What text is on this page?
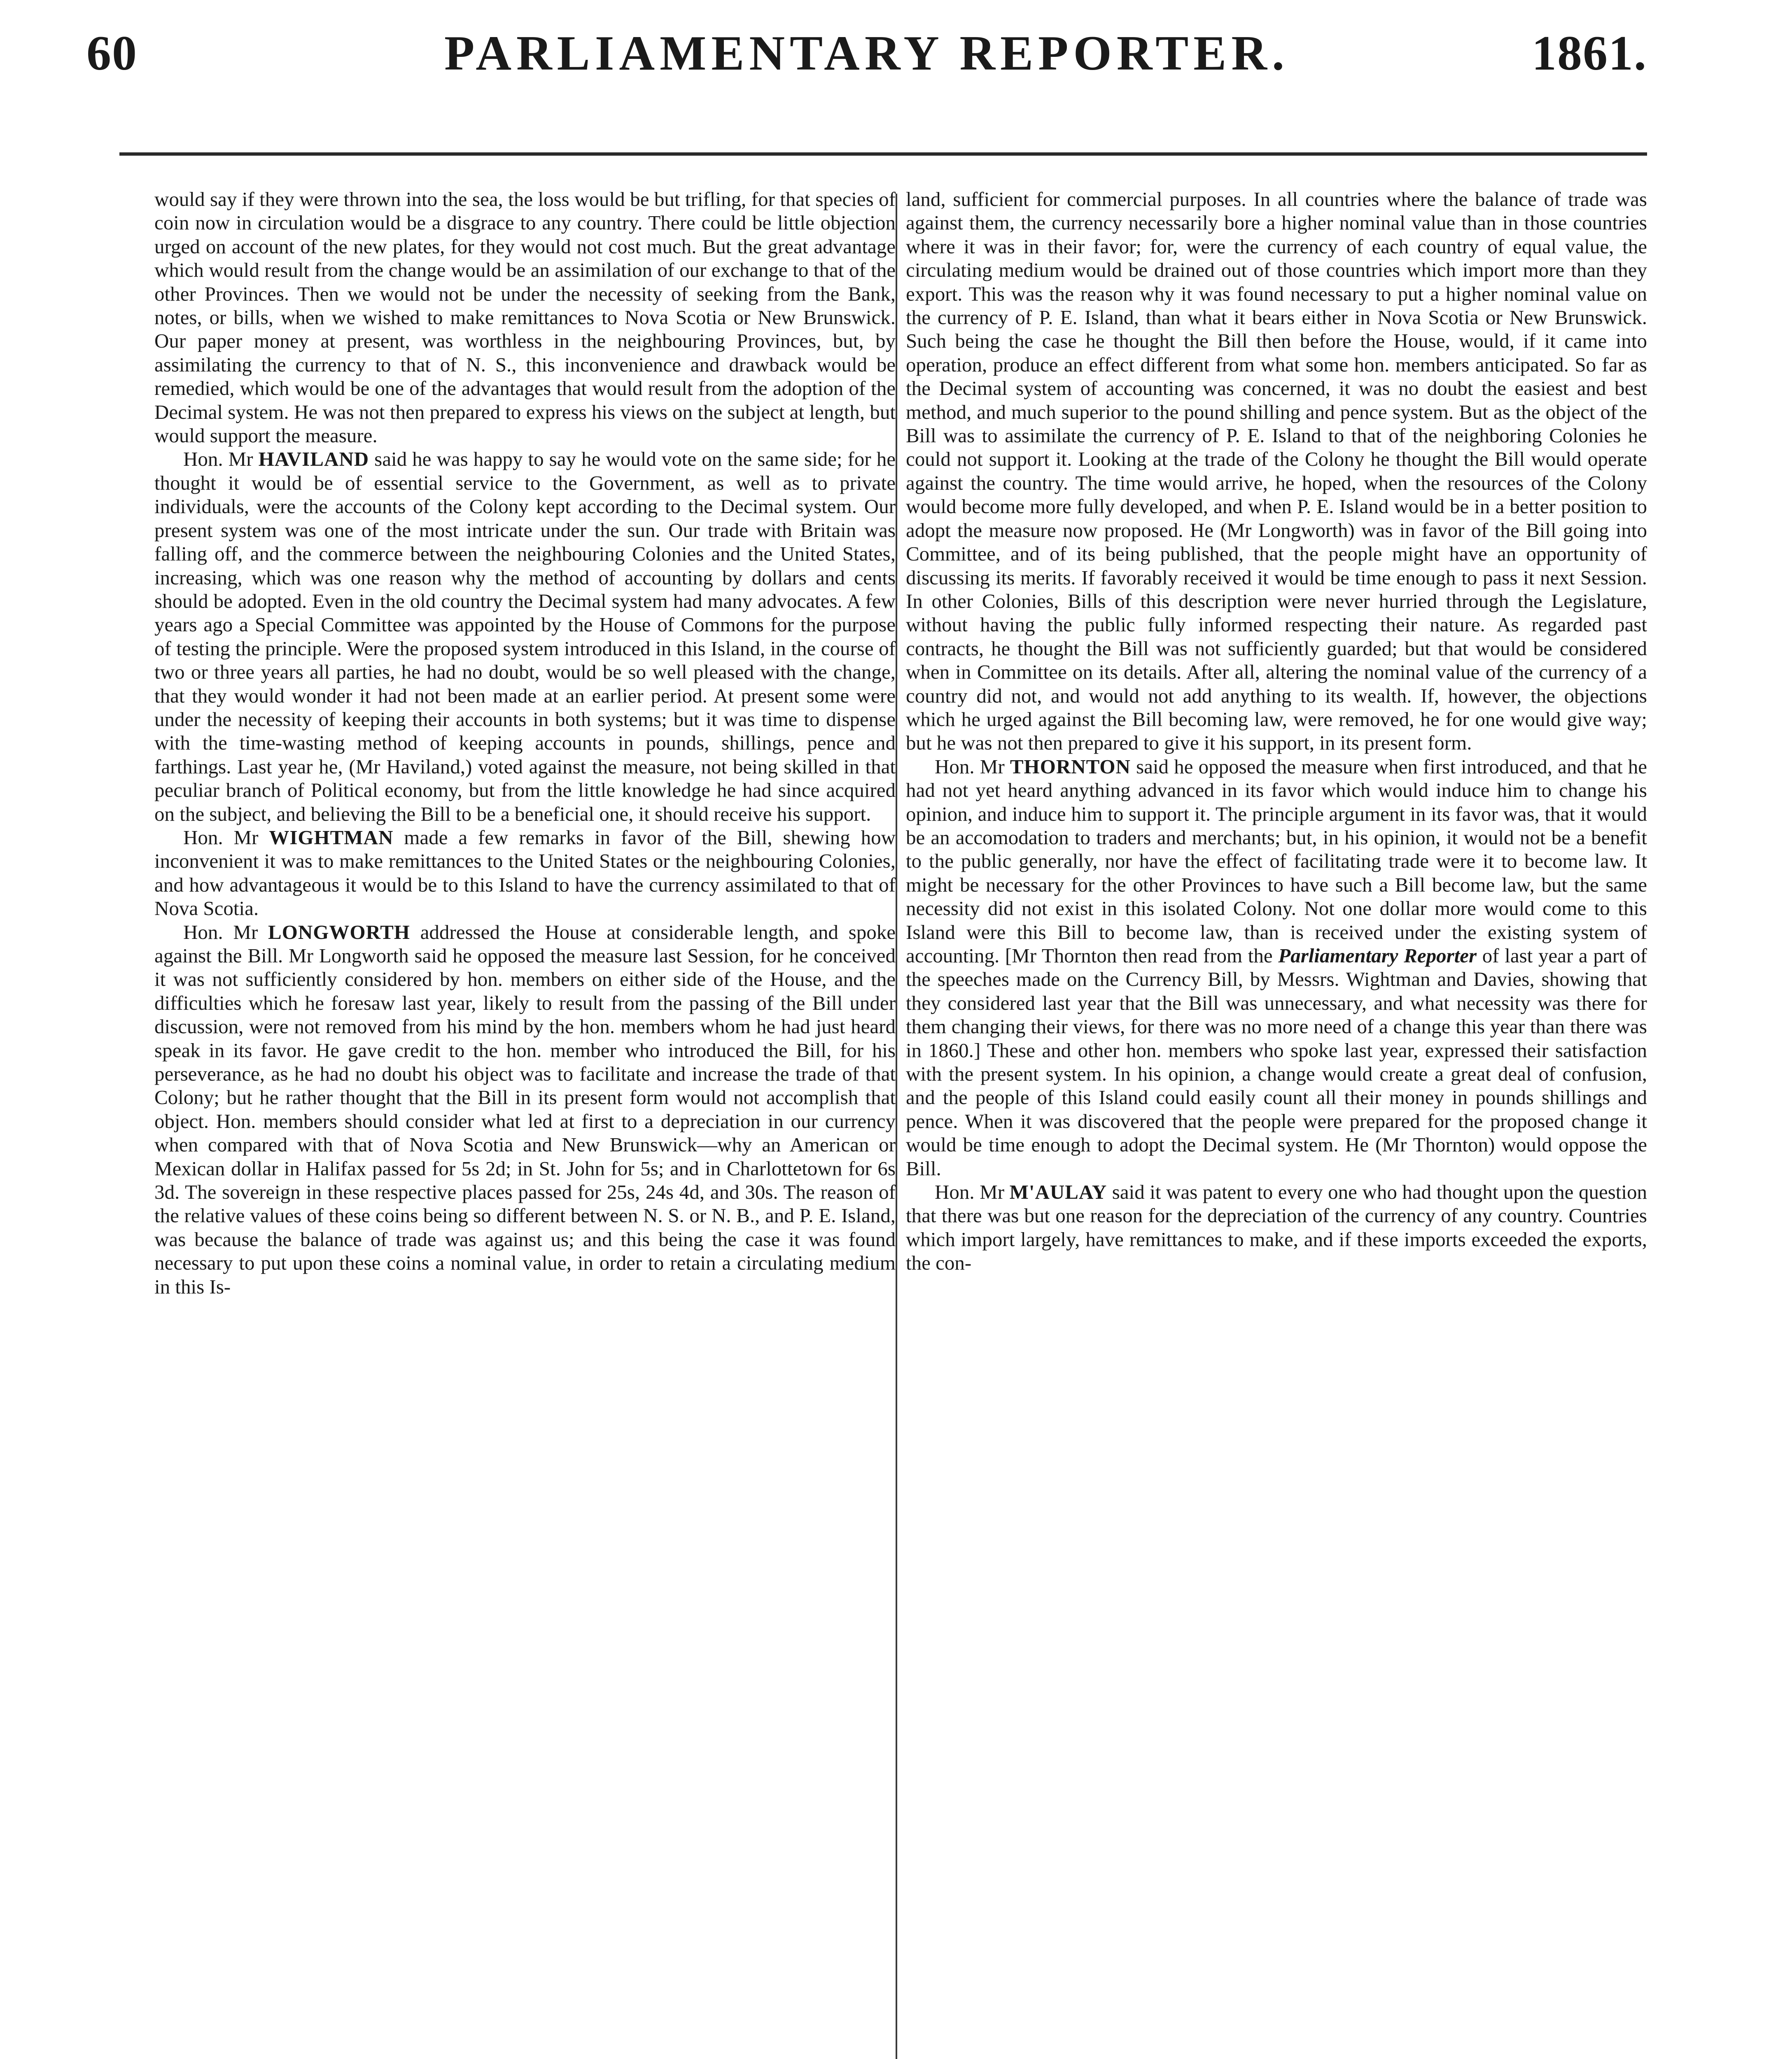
60	PARLIAMENTARY REPORTER.	1861.

would say if they were thrown into the sea, the loss would be but trifling, for that species of coin now in circulation would be a disgrace to any country. There could be little objection urged on account of the new plates, for they would not cost much. But the great advantage which would result from the change would be an assimilation of our exchange to that of the other Provinces. Then we would not be under the necessity of seeking from the Bank, notes, or bills, when we wished to make remittances to Nova Scotia or New Brunswick. Our paper money at present, was worthless in the neighbouring Provinces, but, by assimilating the currency to that of N. S., this inconvenience and drawback would be remedied, which would be one of the advantages that would result from the adoption of the Decimal system. He was not then prepared to express his views on the subject at length, but would support the measure.

Hon. Mr HAVILAND said he was happy to say he would vote on the same side; for he thought it would be of essential service to the Government, as well as to private individuals, were the accounts of the Colony kept according to the Decimal system. Our present system was one of the most intricate under the sun. Our trade with Britain was falling off, and the commerce between the neighbouring Colonies and the United States, increasing, which was one reason why the method of accounting by dollars and cents should be adopted. Even in the old country the Decimal system had many advocates. A few years ago a Special Committee was appointed by the House of Commons for the purpose of testing the principle. Were the proposed system introduced in this Island, in the course of two or three years all parties, he had no doubt, would be so well pleased with the change, that they would wonder it had not been made at an earlier period. At present some were under the necessity of keeping their accounts in both systems; but it was time to dispense with the time-wasting method of keeping accounts in pounds, shillings, pence and farthings. Last year he, (Mr Haviland,) voted against the measure, not being skilled in that peculiar branch of Political economy, but from the little knowledge he had since acquired on the subject, and believing the Bill to be a beneficial one, it should receive his support.

Hon. Mr WIGHTMAN made a few remarks in favor of the Bill, shewing how inconvenient it was to make remittances to the United States or the neighbouring Colonies, and how advantageous it would be to this Island to have the currency assimilated to that of Nova Scotia.

Hon. Mr LONGWORTH addressed the House at considerable length, and spoke against the Bill. Mr Longworth said he opposed the measure last Session, for he conceived it was not sufficiently considered by hon. members on either side of the House, and the difficulties which he foresaw last year, likely to result from the passing of the Bill under discussion, were not removed from his mind by the hon. members whom he had just heard speak in its favor. He gave credit to the hon. member who introduced the Bill, for his perseverance, as he had no doubt his object was to facilitate and increase the trade of that Colony; but he rather thought that the Bill in its present form would not accomplish that object. Hon. members should consider what led at first to a depreciation in our currency when compared with that of Nova Scotia and New Brunswick—why an American or Mexican dollar in Halifax passed for 5s 2d; in St. John for 5s; and in Charlottetown for 6s 3d. The sovereign in these respective places passed for 25s, 24s 4d, and 30s. The reason of the relative values of these coins being so different between N. S. or N. B., and P. E. Island, was because the balance of trade was against us; and this being the case it was found necessary to put upon these coins a nominal value, in order to retain a circulating medium in this Is-

land, sufficient for commercial purposes. In all countries where the balance of trade was against them, the currency necessarily bore a higher nominal value than in those countries where it was in their favor; for, were the currency of each country of equal value, the circulating medium would be drained out of those countries which import more than they export. This was the reason why it was found necessary to put a higher nominal value on the currency of P. E. Island, than what it bears either in Nova Scotia or New Brunswick. Such being the case he thought the Bill then before the House, would, if it came into operation, produce an effect different from what some hon. members anticipated. So far as the Decimal system of accounting was concerned, it was no doubt the easiest and best method, and much superior to the pound shilling and pence system. But as the object of the Bill was to assimilate the currency of P. E. Island to that of the neighboring Colonies he could not support it. Looking at the trade of the Colony he thought the Bill would operate against the country. The time would arrive, he hoped, when the resources of the Colony would become more fully developed, and when P. E. Island would be in a better position to adopt the measure now proposed. He (Mr Longworth) was in favor of the Bill going into Committee, and of its being published, that the people might have an opportunity of discussing its merits. If favorably received it would be time enough to pass it next Session. In other Colonies, Bills of this description were never hurried through the Legislature, without having the public fully informed respecting their nature. As regarded past contracts, he thought the Bill was not sufficiently guarded; but that would be considered when in Committee on its details. After all, altering the nominal value of the currency of a country did not, and would not add anything to its wealth. If, however, the objections which he urged against the Bill becoming law, were removed, he for one would give way; but he was not then prepared to give it his support, in its present form.

Hon. Mr THORNTON said he opposed the measure when first introduced, and that he had not yet heard anything advanced in its favor which would induce him to change his opinion, and induce him to support it. The principle argument in its favor was, that it would be an accomodation to traders and merchants; but, in his opinion, it would not be a benefit to the public generally, nor have the effect of facilitating trade were it to become law. It might be necessary for the other Provinces to have such a Bill become law, but the same necessity did not exist in this isolated Colony. Not one dollar more would come to this Island were this Bill to become law, than is received under the existing system of accounting. [Mr Thornton then read from the Parliamentary Reporter of last year a part of the speeches made on the Currency Bill, by Messrs. Wightman and Davies, showing that they considered last year that the Bill was unnecessary, and what necessity was there for them changing their views, for there was no more need of a change this year than there was in 1860.] These and other hon. members who spoke last year, expressed their satisfaction with the present system. In his opinion, a change would create a great deal of confusion, and the people of this Island could easily count all their money in pounds shillings and pence. When it was discovered that the people were prepared for the proposed change it would be time enough to adopt the Decimal system. He (Mr Thornton) would oppose the Bill.

Hon. Mr M'AULAY said it was patent to every one who had thought upon the question that there was but one reason for the depreciation of the currency of any country. Countries which import largely, have remittances to make, and if these imports exceeded the exports, the con-
